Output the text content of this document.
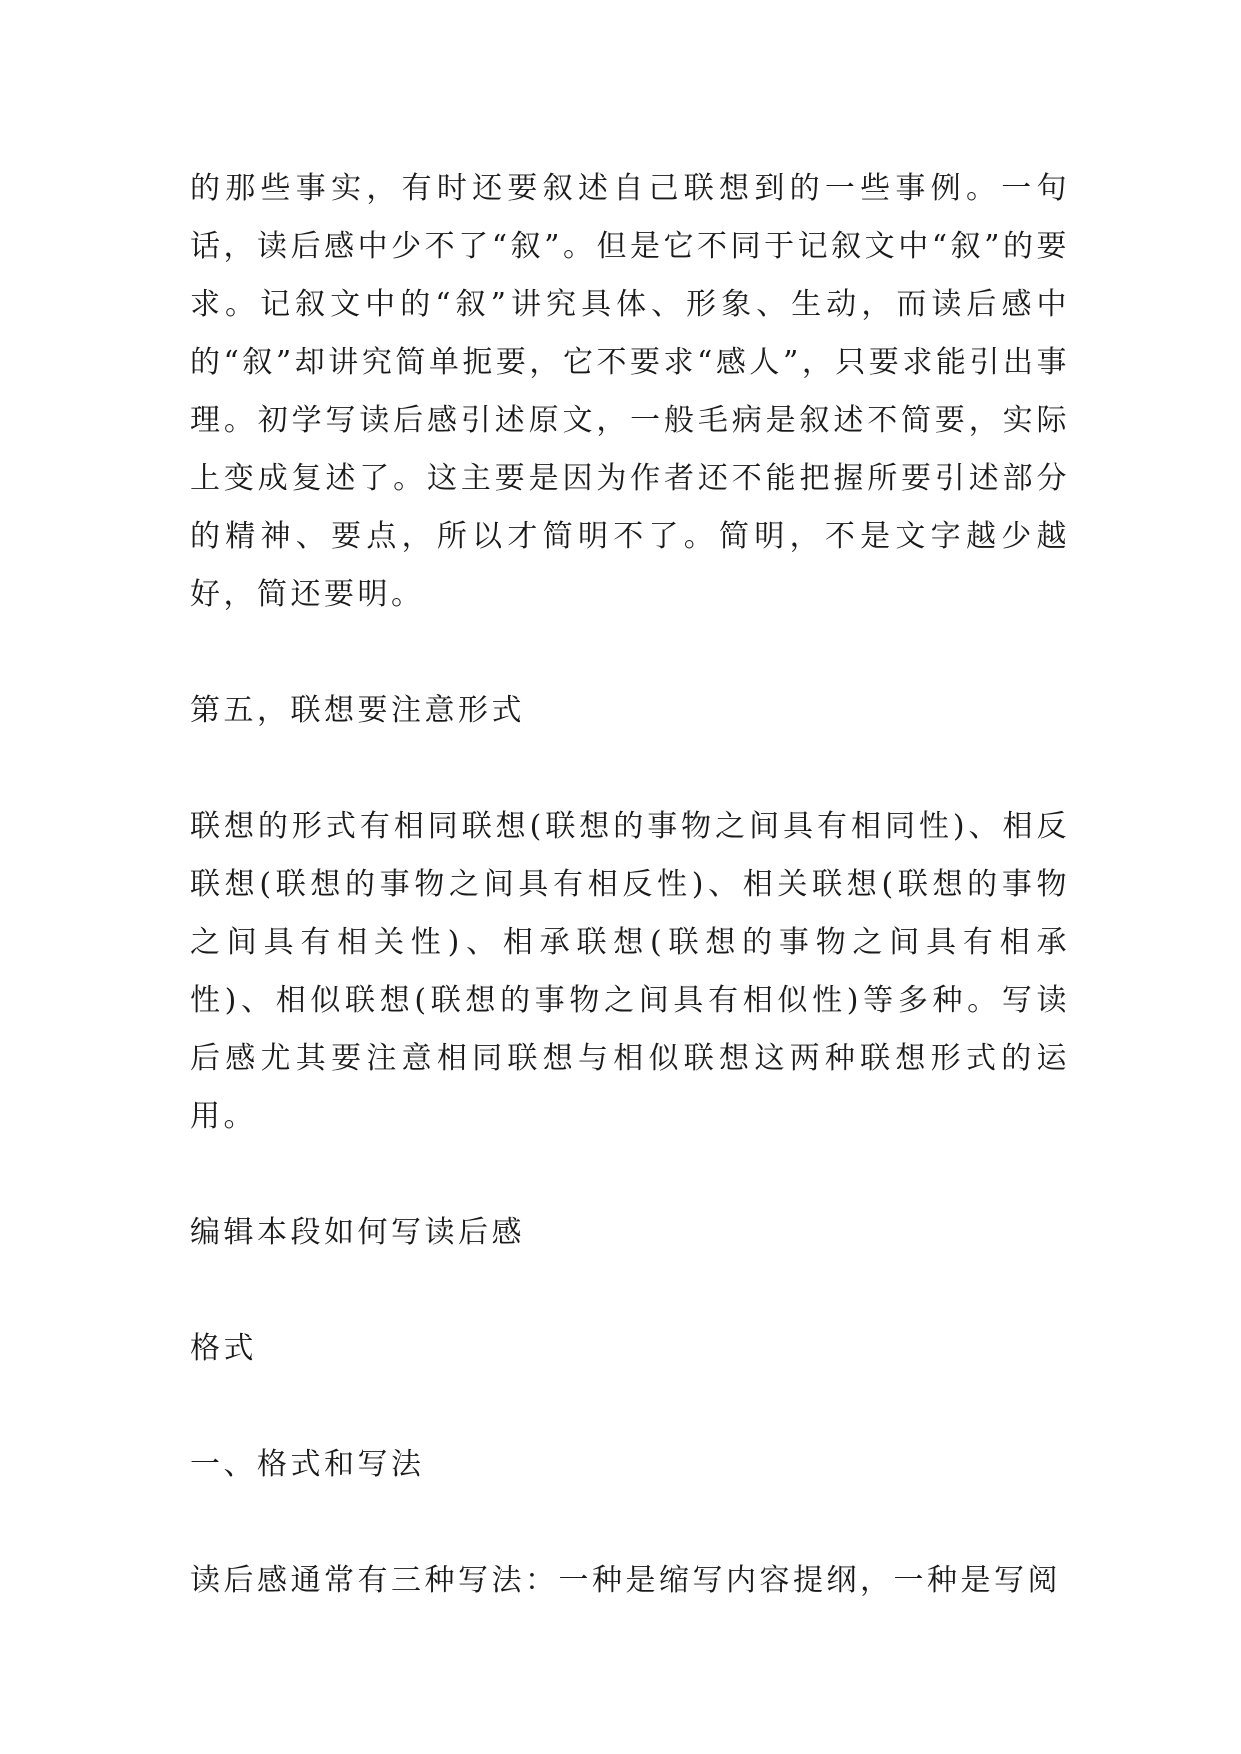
的那些事实，有时还要叙述自己联想到的一些事例。一句话，读后感中少不了“叙”。但是它不同于记叙文中“叙”的要求。记叙文中的“叙”讲究具体、形象、生动，而读后感中的“叙”却讲究简单扼要，它不要求“感人”，只要求能引出事理。初学写读后感引述原文，一般毛病是叙述不简要，实际上变成复述了。这主要是因为作者还不能把握所要引述部分的精神、要点，所以才简明不了。简明，不是文字越少越好，简还要明。

第五，联想要注意形式

联想的形式有相同联想(联想的事物之间具有相同性)、相反联想(联想的事物之间具有相反性)、相关联想(联想的事物之间具有相关性)、相承联想(联想的事物之间具有相承性)、相似联想(联想的事物之间具有相似性)等多种。写读后感尤其要注意相同联想与相似联想这两种联想形式的运用。

编辑本段如何写读后感

格式

一、格式和写法

读后感通常有三种写法：一种是缩写内容提纲，一种是写阅
